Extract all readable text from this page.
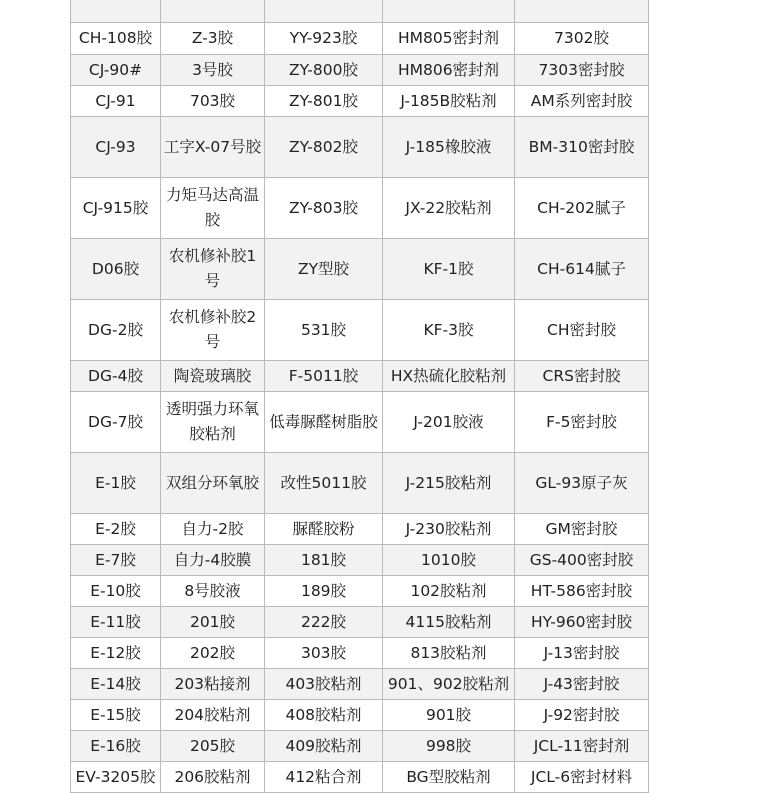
CH-108胶	Z-3胶	YY-923胶	HM805密封剂	7302胶
CJ-90#	3号胶	ZY-800胶	HM806密封剂	7303密封胶
CJ-91	703胶	ZY-801胶	J-185B胶粘剂	AM系列密封胶
CJ-93	工字X-07号胶	ZY-802胶	J-185橡胶液	BM-310密封胶
CJ-915胶	力矩马达高温胶	ZY-803胶	JX-22胶粘剂	CH-202腻子
D06胶	农机修补胶1号	ZY型胶	KF-1胶	CH-614腻子
DG-2胶	农机修补胶2号	531胶	KF-3胶	CH密封胶
DG-4胶	陶瓷玻璃胶	F-5011胶	HX热硫化胶粘剂	CRS密封胶
DG-7胶	透明强力环氧胶粘剂	低毒脲醛树脂胶	J-201胶液	F-5密封胶
E-1胶	双组分环氧胶	改性5011胶	J-215胶粘剂	GL-93原子灰
E-2胶	自力-2胶	脲醛胶粉	J-230胶粘剂	GM密封胶
E-7胶	自力-4胶膜	181胶	1010胶	GS-400密封胶
E-10胶	8号胶液	189胶	102胶粘剂	HT-586密封胶
E-11胶	201胶	222胶	4115胶粘剂	HY-960密封胶
E-12胶	202胶	303胶	813胶粘剂	J-13密封胶
E-14胶	203粘接剂	403胶粘剂	901、902胶粘剂	J-43密封胶
E-15胶	204胶粘剂	408胶粘剂	901胶	J-92密封胶
E-16胶	205胶	409胶粘剂	998胶	JCL-11密封剂
EV-3205胶	206胶粘剂	412粘合剂	BG型胶粘剂	JCL-6密封材料
